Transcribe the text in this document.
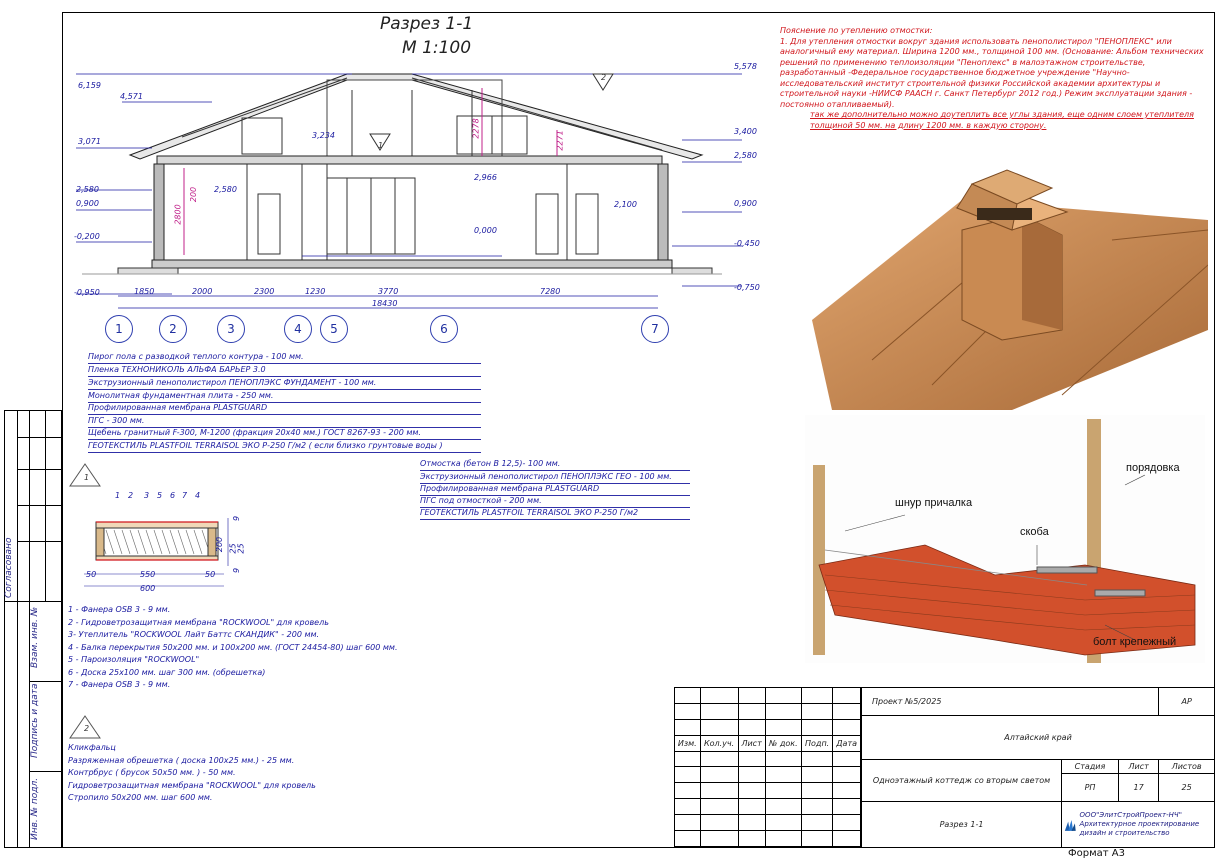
Согласовано
Взам. инв. №
Подпись и дата
Инв. № подл.
Разрез 1-1
М 1:100
6,159
4,571
3,071
2,580
0,900
-0,200
-0,950
3,234
2,580
2,966
0,000
2,100
5,578
3,400
2,580
0,900
-0,450
-0,750
200
2800
2278
2271
1
2
1850	2000	2300	1230	3770	7280
18430
1	2	3	4	5	6	7
Пирог пола с разводкой теплого контура - 100 мм.
Пленка ТЕХНОНИКОЛЬ АЛЬФА БАРЬЕР 3.0
Экструзионный пенополистирол ПЕНОПЛЭКС ФУНДАМЕНТ - 100 мм.
Монолитная фундаментная плита - 250 мм.
Профилированная мембрана PLASTGUARD
ПГС - 300 мм.
Щебень гранитный F-300, М-1200 (фракция 20х40 мм.) ГОСТ 8267-93 - 200 мм.
ГЕОТЕКСТИЛЬ PLASTFOIL TERRAISOL ЭКО Р-250 Г/м2 ( если близко грунтовые воды )
Отмостка (бетон В 12,5)- 100 мм.
Экструзионный пенополистирол ПЕНОПЛЭКС ГЕО - 100 мм.
Профилированная мембрана PLASTGUARD
ПГС под отмосткой - 200 мм.
ГЕОТЕКСТИЛЬ PLASTFOIL TERRAISOL ЭКО Р-250 Г/м2
1
1 2 3 5 6 7 4
50	550	50
600
9
200 25 25
9
1 - Фанера OSB 3 - 9 мм.
2 - Гидроветрозащитная мембрана "ROCKWOOL" для кровель
3- Утеплитель "ROCKWOOL Лайт Баттс СКАНДИК" - 200 мм.
4 - Балка перекрытия 50х200 мм. и 100х200 мм. (ГОСТ 24454-80) шаг 600 мм.
5 - Пароизоляция "ROCKWOOL"
6 - Доска 25х100 мм. шаг 300 мм. (обрешетка)
7 - Фанера OSB 3 - 9 мм.
2
Кликфальц
Разряженная обрешетка ( доска 100х25 мм.) - 25 мм.
Контрбрус ( брусок 50х50 мм. ) - 50 мм.
Гидроветрозащитная мембрана "ROCKWOOL" для кровель
Стропило 50х200 мм. шаг 600 мм.
Пояснение по утеплению отмостки:
1. Для утепления отмостки вокруг здания использовать пенополистирол "ПЕНОПЛЕКС" или аналогичный ему материал. Ширина 1200 мм., толщиной 100 мм. (Основание: Альбом технических решений по применению теплоизоляции "Пеноплекс" в малоэтажном строительстве, разработанный -Федеральное государственное бюджетное учреждение "Научно-исследовательский институт строительной физики Российской академии архитектуры и строительной науки -НИИСФ РААСН г. Санкт Петербург 2012 год.) Режим эксплуатации здания - постоянно отапливаемый).
так же дополнительно можно доутеплить все углы здания, еще одним слоем утеплителя толщиной 50 мм. на длину 1200 мм. в каждую сторону.
порядовка
шнур причалка
скоба
болт крепежный

Изм.	Кол.уч.	Лист	№ док.	Подп.	Дата

Проект №5/2025			АР
Алтайский край			
Одноэтажный коттедж со вторым светом	Стадия	Лист	Листов
	РП	17	25
Разрез 1-1	ООО"ЭлитСтройПроект-НЧ" Архитектурное проектирование дизайн и строительство		
Формат А3
